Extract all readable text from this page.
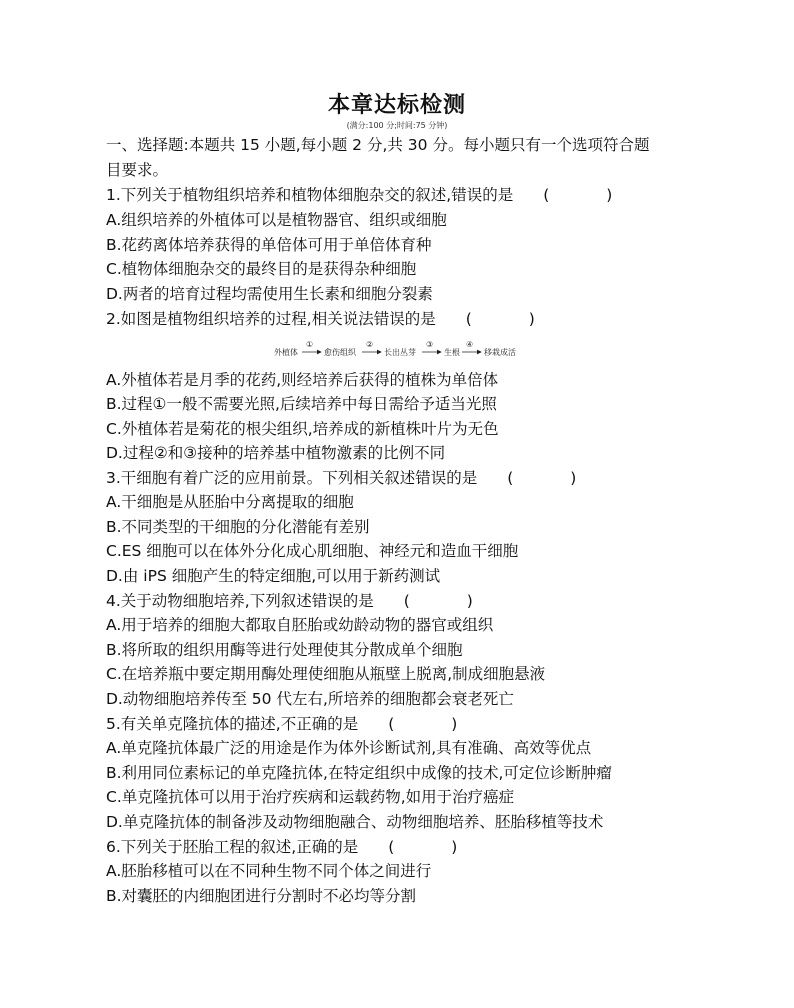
本章达标检测
(满分:100 分;时间:75 分钟)
一、选择题:本题共 15 小题,每小题 2 分,共 30 分。每小题只有一个选项符合题
目要求。
1.下列关于植物组织培养和植物体细胞杂交的叙述,错误的是 ( )
A.组织培养的外植体可以是植物器官、组织或细胞
B.花药离体培养获得的单倍体可用于单倍体育种
C.植物体细胞杂交的最终目的是获得杂种细胞
D.两者的培育过程均需使用生长素和细胞分裂素
2.如图是植物组织培养的过程,相关说法错误的是 ( )
外植体
①
愈伤组织
②
长出丛芽
③
生根
④
移栽成活
A.外植体若是月季的花药,则经培养后获得的植株为单倍体
B.过程①一般不需要光照,后续培养中每日需给予适当光照
C.外植体若是菊花的根尖组织,培养成的新植株叶片为无色
D.过程②和③接种的培养基中植物激素的比例不同
3.干细胞有着广泛的应用前景。下列相关叙述错误的是 ( )
A.干细胞是从胚胎中分离提取的细胞
B.不同类型的干细胞的分化潜能有差别
C.ES 细胞可以在体外分化成心肌细胞、神经元和造血干细胞
D.由 iPS 细胞产生的特定细胞,可以用于新药测试
4.关于动物细胞培养,下列叙述错误的是 ( )
A.用于培养的细胞大都取自胚胎或幼龄动物的器官或组织
B.将所取的组织用酶等进行处理使其分散成单个细胞
C.在培养瓶中要定期用酶处理使细胞从瓶壁上脱离,制成细胞悬液
D.动物细胞培养传至 50 代左右,所培养的细胞都会衰老死亡
5.有关单克隆抗体的描述,不正确的是 ( )
A.单克隆抗体最广泛的用途是作为体外诊断试剂,具有准确、高效等优点
B.利用同位素标记的单克隆抗体,在特定组织中成像的技术,可定位诊断肿瘤
C.单克隆抗体可以用于治疗疾病和运载药物,如用于治疗癌症
D.单克隆抗体的制备涉及动物细胞融合、动物细胞培养、胚胎移植等技术
6.下列关于胚胎工程的叙述,正确的是 ( )
A.胚胎移植可以在不同种生物不同个体之间进行
B.对囊胚的内细胞团进行分割时不必均等分割
